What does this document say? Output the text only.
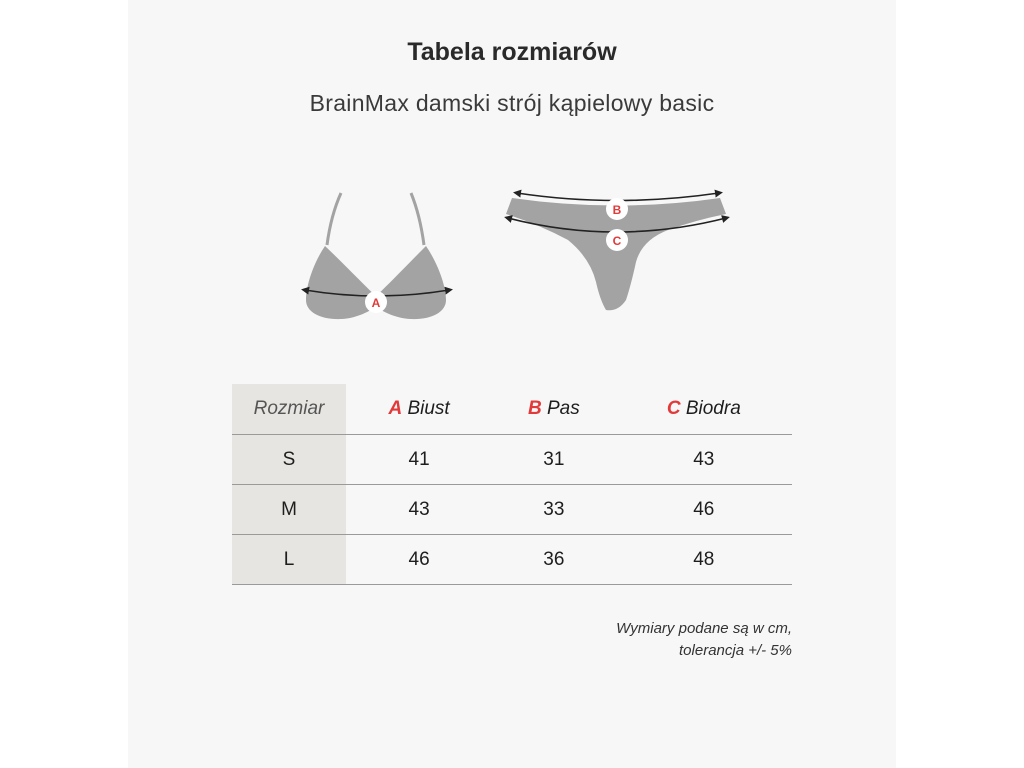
Tabela rozmiarów
BrainMax damski strój kąpielowy basic
A
B
C
Rozmiar	A Biust	B Pas	C Biodra
S	41	31	43
M	43	33	46
L	46	36	48
Wymiary podane są w cm,
tolerancja +/- 5%
